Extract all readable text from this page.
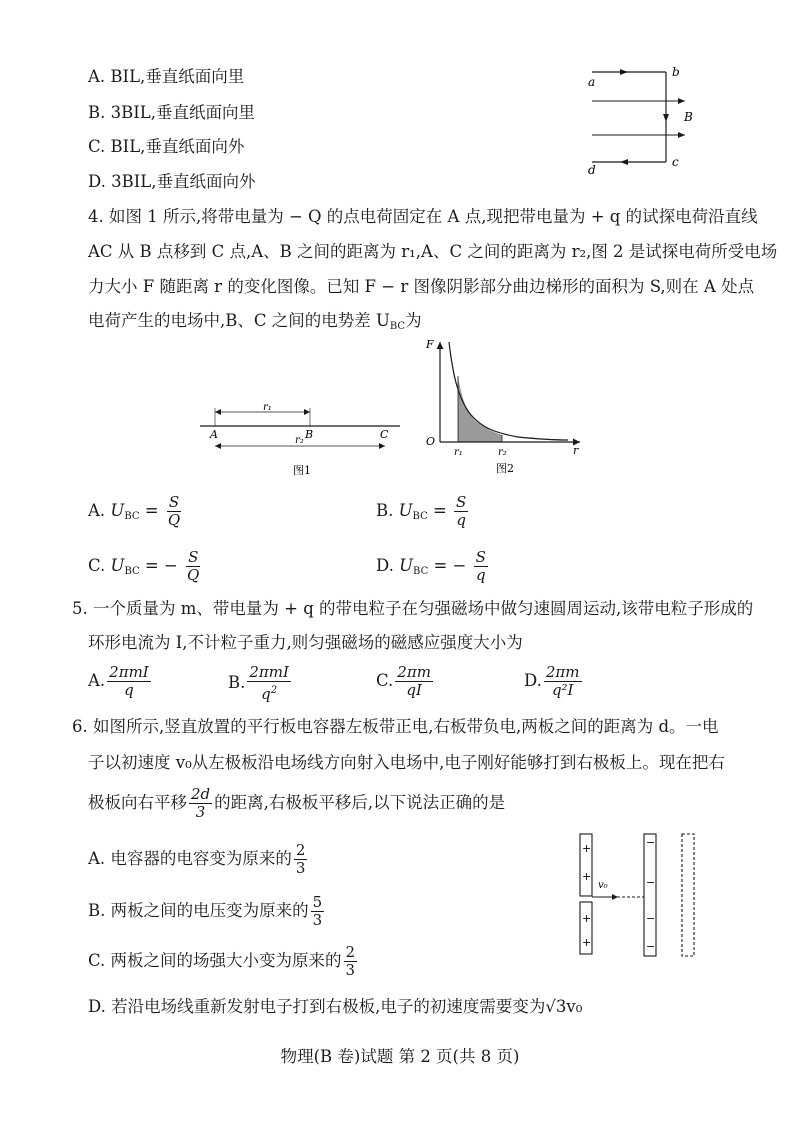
A. BIL,垂直纸面向里
B. 3BIL,垂直纸面向里
C. BIL,垂直纸面向外
D. 3BIL,垂直纸面向外
a
b
c
d
B
4. 如图 1 所示,将带电量为 − Q 的点电荷固定在 A 点,现把带电量为 + q 的试探电荷沿直线
AC 从 B 点移到 C 点,A、B 之间的距离为 r₁,A、C 之间的距离为 r₂,图 2 是试探电荷所受电场
力大小 F 随距离 r 的变化图像。已知 F − r 图像阴影部分曲边梯形的面积为 S,则在 A 处点
电荷产生的电场中,B、C 之间的电势差 $U_{BC}$为
r₁
r₂
A	B	C
图1
F
O
r
r₁	r₂
图2
A. $U_{BC} = \frac{S}{Q}$	B. $U_{BC} = \frac{S}{q}$
C. $U_{BC}$ = − $\frac{S}{Q}$	D. $U_{BC}$ = − $\frac{S}{q}$
5. 一个质量为 m、带电量为 + q 的带电粒子在匀强磁场中做匀速圆周运动,该带电粒子形成的
环形电流为 I,不计粒子重力,则匀强磁场的磁感应强度大小为
A. $\frac{\text{2πmI}}{q}$	B. $\frac{\text{2πmI}}{q^2}$	C. $\frac{2\pi m}{qI}$	D. $\frac{2\pi m}{\text{q²I}}$
6. 如图所示,竖直放置的平行板电容器左板带正电,右板带负电,两板之间的距离为 d。一电
子以初速度 v₀从左极板沿电场线方向射入电场中,电子刚好能够打到右极板上。现在把右
极板向右平移 $\frac{2d}{3}$ 的距离,右极板平移后,以下说法正确的是
A. 电容器的电容变为原来的 $\frac{2}{3}$
B. 两板之间的电压变为原来的 $\frac{5}{3}$
C. 两板之间的场强大小变为原来的 $\frac{2}{3}$
D. 若沿电场线重新发射电子打到右极板,电子的初速度需要变为√3v₀
+
+
+
+
−
−
−
−
v₀
物理(B 卷)试题 第 2 页(共 8 页)
